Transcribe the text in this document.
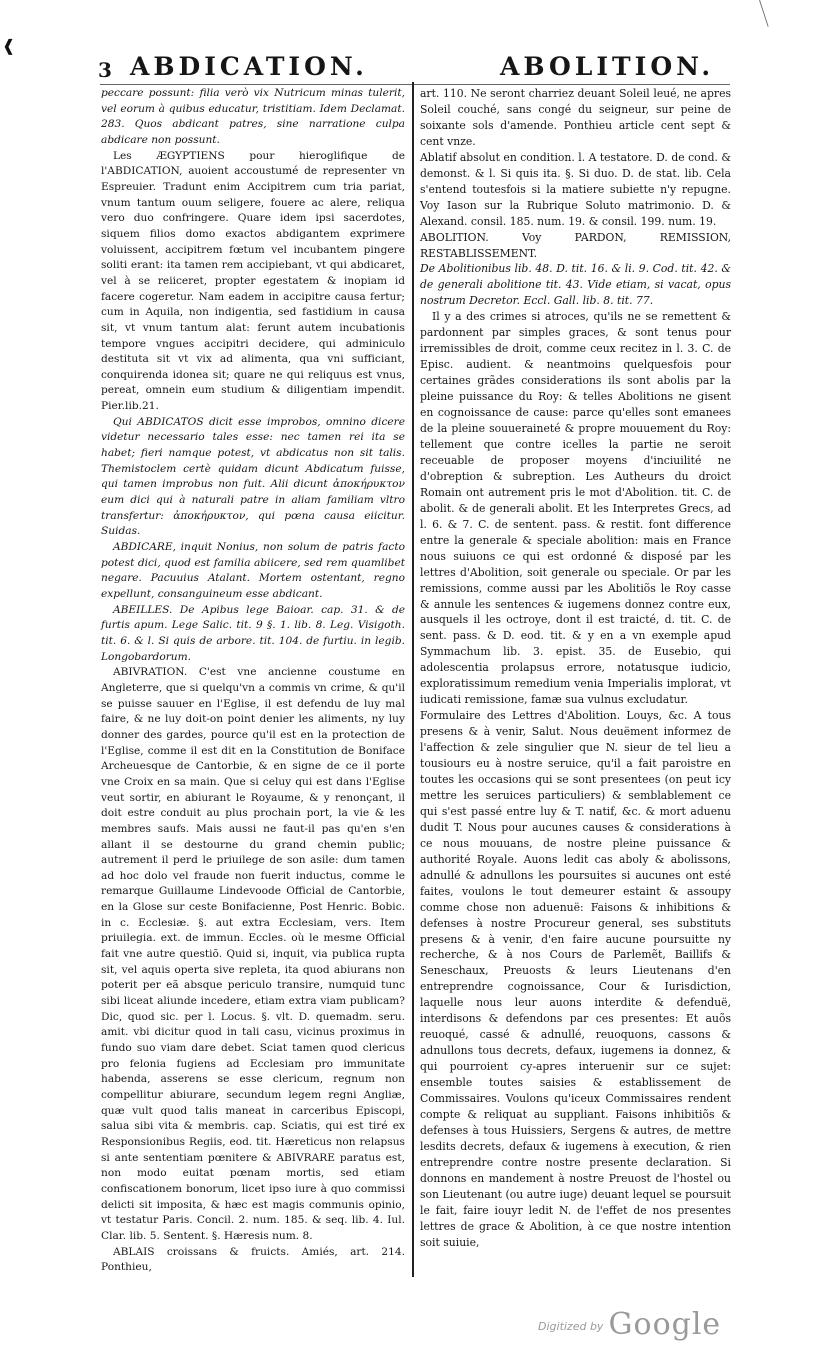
❰
3 ABDICATION.	ABOLITION.

peccare possunt: filia verò vix Nutricum minas tulerit, vel eorum à quibus educatur, tristitiam. Idem Declamat. 283. Quos abdicant patres, sine narratione culpa abdicare non possunt.

Les ÆGYPTIENS pour hieroglifique de l'ABDICATION, auoient accoustumé de representer vn Espreuier. Tradunt enim Accipitrem cum tria pariat, vnum tantum ouum seligere, fouere ac alere, reliqua vero duo confringere. Quare idem ipsi sacerdotes, siquem filios domo exactos abdigantem exprimere voluissent, accipitrem fœtum vel incubantem pingere soliti erant: ita tamen rem accipiebant, vt qui abdicaret, vel à se reiiceret, propter egestatem & inopiam id facere cogeretur. Nam eadem in accipitre causa fertur; cum in Aquila, non indigentia, sed fastidium in causa sit, vt vnum tantum alat: ferunt autem incubationis tempore vngues accipitri decidere, qui adminiculo destituta sit vt vix ad alimenta, qua vni sufficiant, conquirenda idonea sit; quare ne qui reliquus est vnus, pereat, omnein eum studium & diligentiam impendit. Pier.lib.21.

Qui ABDICATOS dicit esse improbos, omnino dicere videtur necessario tales esse: nec tamen rei ita se habet; fieri namque potest, vt abdicatus non sit talis. Themistoclem certè quidam dicunt Abdicatum fuisse, qui tamen improbus non fuit. Alii dicunt ἀποκήρυκτον eum dici qui à naturali patre in aliam familiam vltro transfertur: ἀποκήρυκτον, qui pœna causa eiicitur. Suidas.

ABDICARE, inquit Nonius, non solum de patris facto potest dici, quod est familia abiicere, sed rem quamlibet negare. Pacuuius Atalant. Mortem ostentant, regno expellunt, consanguineum esse abdicant.

ABEILLES. De Apibus lege Baioar. cap. 31. & de furtis apum. Lege Salic. tit. 9 §. 1. lib. 8. Leg. Visigoth. tit. 6. & l. Si quis de arbore. tit. 104. de furtiu. in legib. Longobardorum.

ABIVRATION. C'est vne ancienne coustume en Angleterre, que si quelqu'vn a commis vn crime, & qu'il se puisse sauuer en l'Eglise, il est defendu de luy mal faire, & ne luy doit-on point denier les aliments, ny luy donner des gardes, pource qu'il est en la protection de l'Eglise, comme il est dit en la Constitution de Boniface Archeuesque de Cantorbie, & en signe de ce il porte vne Croix en sa main. Que si celuy qui est dans l'Eglise veut sortir, en abiurant le Royaume, & y renonçant, il doit estre conduit au plus prochain port, la vie & les membres saufs. Mais aussi ne faut-il pas qu'en s'en allant il se destourne du grand chemin public; autrement il perd le priuilege de son asile: dum tamen ad hoc dolo vel fraude non fuerit inductus, comme le remarque Guillaume Lindevoode Official de Cantorbie, en la Glose sur ceste Bonifacienne, Post Henric. Bobic. in c. Ecclesiæ. §. aut extra Ecclesiam, vers. Item priuilegia. ext. de immun. Eccles. où le mesme Official fait vne autre questiõ. Quid si, inquit, via publica rupta sit, vel aquis operta sive repleta, ita quod abiurans non poterit per eã absque periculo transire, numquid tunc sibi liceat aliunde incedere, etiam extra viam publicam? Dic, quod sic. per l. Locus. §. vlt. D. quemadm. seru. amit. vbi dicitur quod in tali casu, vicinus proximus in fundo suo viam dare debet. Sciat tamen quod clericus pro felonia fugiens ad Ecclesiam pro immunitate habenda, asserens se esse clericum, regnum non compellitur abiurare, secundum legem regni Angliæ, quæ vult quod talis maneat in carceribus Episcopi, salua sibi vita & membris. cap. Sciatis, qui est tiré ex Responsionibus Regiis, eod. tit. Hæreticus non relapsus si ante sententiam pœnitere & ABIVRARE paratus est, non modo euitat pœnam mortis, sed etiam confiscationem bonorum, licet ipso iure à quo commissi delicti sit imposita, & hæc est magis communis opinio, vt testatur Paris. Concil. 2. num. 185. & seq. lib. 4. Iul. Clar. lib. 5. Sentent. §. Hæresis num. 8.

ABLAIS croissans & fruicts. Amiés, art. 214. Ponthieu,

art. 110. Ne seront charriez deuant Soleil leué, ne apres Soleil couché, sans congé du seigneur, sur peine de soixante sols d'amende. Ponthieu article cent sept & cent vnze.

Ablatif absolut en condition. l. A testatore. D. de cond. & demonst. & l. Si quis ita. §. Si duo. D. de stat. lib. Cela s'entend toutesfois si la matiere subiette n'y repugne. Voy Iason sur la Rubrique Soluto matrimonio. D. & Alexand. consil. 185. num. 19. & consil. 199. num. 19.

ABOLITION. Voy PARDON, REMISSION, RESTABLISSEMENT.

De Abolitionibus lib. 48. D. tit. 16. & li. 9. Cod. tit. 42. & de generali abolitione tit. 43. Vide etiam, si vacat, opus nostrum Decretor. Eccl. Gall. lib. 8. tit. 77.

Il y a des crimes si atroces, qu'ils ne se remettent & pardonnent par simples graces, & sont tenus pour irremissibles de droit, comme ceux recitez in l. 3. C. de Episc. audient. & neantmoins quelquesfois pour certaines grãdes considerations ils sont abolis par la pleine puissance du Roy: & telles Abolitions ne gisent en cognoissance de cause: parce qu'elles sont emanees de la pleine souueraineté & propre mouuement du Roy: tellement que contre icelles la partie ne seroit receuable de proposer moyens d'inciuilité ne d'obreption & subreption. Les Autheurs du droict Romain ont autrement pris le mot d'Abolition. tit. C. de abolit. & de generali abolit. Et les Interpretes Grecs, ad l. 6. & 7. C. de sentent. pass. & restit. font difference entre la generale & speciale abolition: mais en France nous suiuons ce qui est ordonné & disposé par les lettres d'Abolition, soit generale ou speciale. Or par les remissions, comme aussi par les Abolitiõs le Roy casse & annule les sentences & iugemens donnez contre eux, ausquels il les octroye, dont il est traicté, d. tit. C. de sent. pass. & D. eod. tit. & y en a vn exemple apud Symmachum lib. 3. epist. 35. de Eusebio, qui adolescentia prolapsus errore, notatusque iudicio, exploratissimum remedium venia Imperialis implorat, vt iudicati remissione, famæ sua vulnus excludatur.

Formulaire des Lettres d'Abolition. Louys, &c. A tous presens & à venir, Salut. Nous deuëment informez de l'affection & zele singulier que N. sieur de tel lieu a tousiours eu à nostre seruice, qu'il a fait paroistre en toutes les occasions qui se sont presentees (on peut icy mettre les seruices particuliers) & semblablement ce qui s'est passé entre luy & T. natif, &c. & mort aduenu dudit T. Nous pour aucunes causes & considerations à ce nous mouuans, de nostre pleine puissance & authorité Royale. Auons ledit cas aboly & abolissons, adnullé & adnullons les poursuites si aucunes ont esté faites, voulons le tout demeurer estaint & assoupy comme chose non aduenuë: Faisons & inhibitions & defenses à nostre Procureur general, ses substituts presens & à venir, d'en faire aucune poursuitte ny recherche, & à nos Cours de Parlemẽt, Baillifs & Seneschaux, Preuosts & leurs Lieutenans d'en entreprendre cognoissance, Cour & Iurisdiction, laquelle nous leur auons interdite & defenduë, interdisons & defendons par ces presentes: Et auõs reuoqué, cassé & adnullé, reuoquons, cassons & adnullons tous decrets, defaux, iugemens ia donnez, & qui pourroient cy-apres interuenir sur ce sujet: ensemble toutes saisies & establissement de Commissaires. Voulons qu'iceux Commissaires rendent compte & reliquat au suppliant. Faisons inhibitiõs & defenses à tous Huissiers, Sergens & autres, de mettre lesdits decrets, defaux & iugemens à execution, & rien entreprendre contre nostre presente declaration. Si donnons en mandement à nostre Preuost de l'hostel ou son Lieutenant (ou autre iuge) deuant lequel se poursuit le fait, faire iouyr ledit N. de l'effet de nos presentes lettres de grace & Abolition, à ce que nostre intention soit suiuie,

$^{Digitized by}$ Google
